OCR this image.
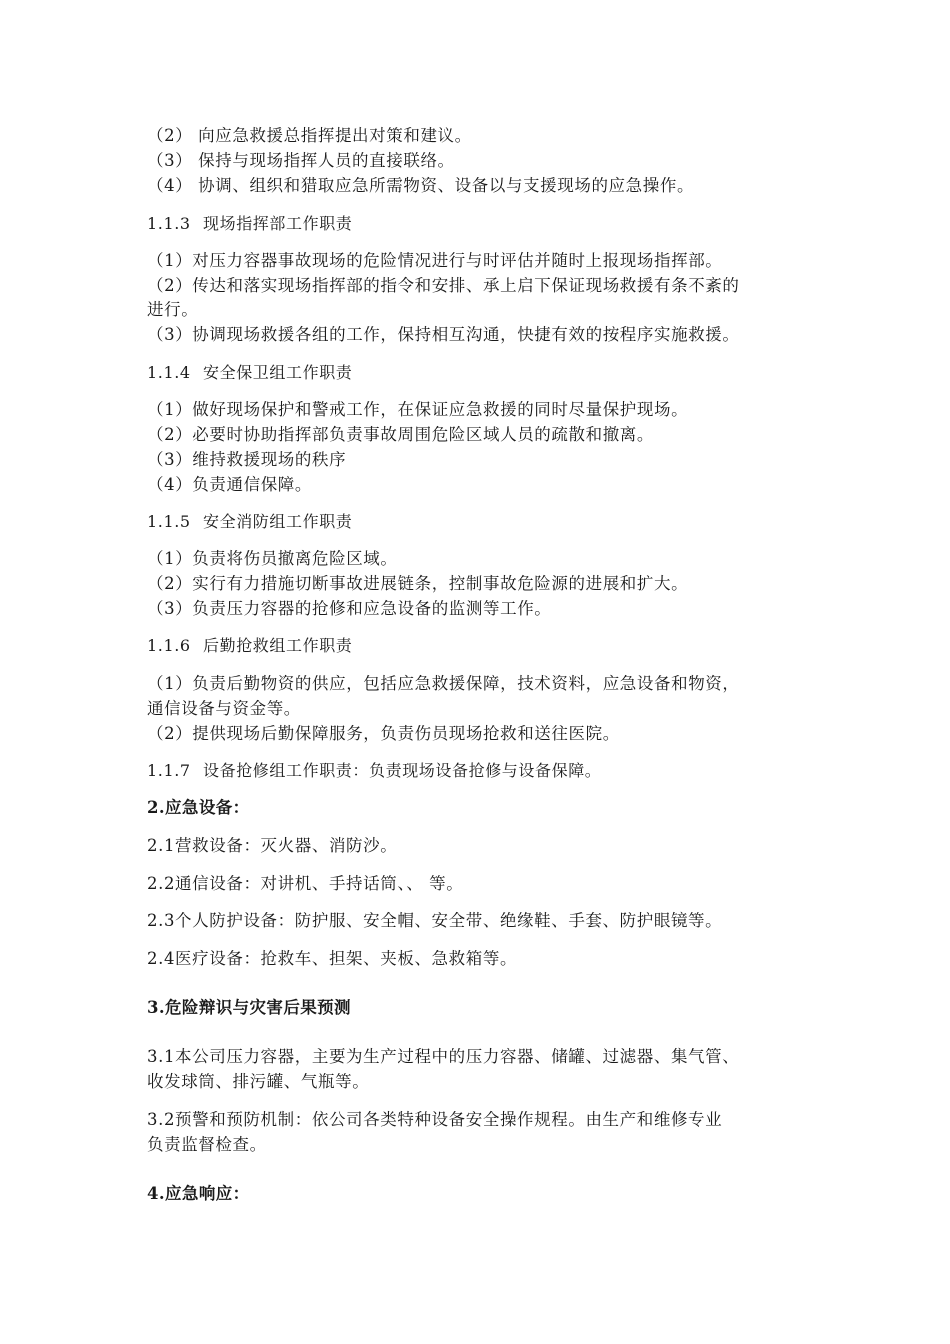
（2） 向应急救援总指挥提出对策和建议。
（3） 保持与现场指挥人员的直接联络。
（4） 协调、组织和猎取应急所需物资、设备以与支援现场的应急操作。
1.1.3 现场指挥部工作职责
（1）对压力容器事故现场的危险情况进行与时评估并随时上报现场指挥部。
（2）传达和落实现场指挥部的指令和安排、承上启下保证现场救援有条不紊的
进行。
（3）协调现场救援各组的工作，保持相互沟通，快捷有效的按程序实施救援。
1.1.4 安全保卫组工作职责
（1）做好现场保护和警戒工作，在保证应急救援的同时尽量保护现场。
（2）必要时协助指挥部负责事故周围危险区域人员的疏散和撤离。
（3）维持救援现场的秩序
（4）负责通信保障。
1.1.5 安全消防组工作职责
（1）负责将伤员撤离危险区域。
（2）实行有力措施切断事故进展链条，控制事故危险源的进展和扩大。
（3）负责压力容器的抢修和应急设备的监测等工作。
1.1.6 后勤抢救组工作职责
（1）负责后勤物资的供应，包括应急救援保障，技术资料，应急设备和物资，
通信设备与资金等。
（2）提供现场后勤保障服务，负责伤员现场抢救和送往医院。
1.1.7 设备抢修组工作职责：负责现场设备抢修与设备保障。
2.应急设备：
2.1营救设备：灭火器、消防沙。
2.2通信设备：对讲机、手持话筒、、 等。
2.3个人防护设备：防护服、安全帽、安全带、绝缘鞋、手套、防护眼镜等。
2.4医疗设备：抢救车、担架、夹板、急救箱等。
3.危险辩识与灾害后果预测
3.1本公司压力容器，主要为生产过程中的压力容器、储罐、过滤器、集气管、
收发球筒、排污罐、气瓶等。
3.2预警和预防机制：依公司各类特种设备安全操作规程。由生产和维修专业
负责监督检查。
4.应急响应：
